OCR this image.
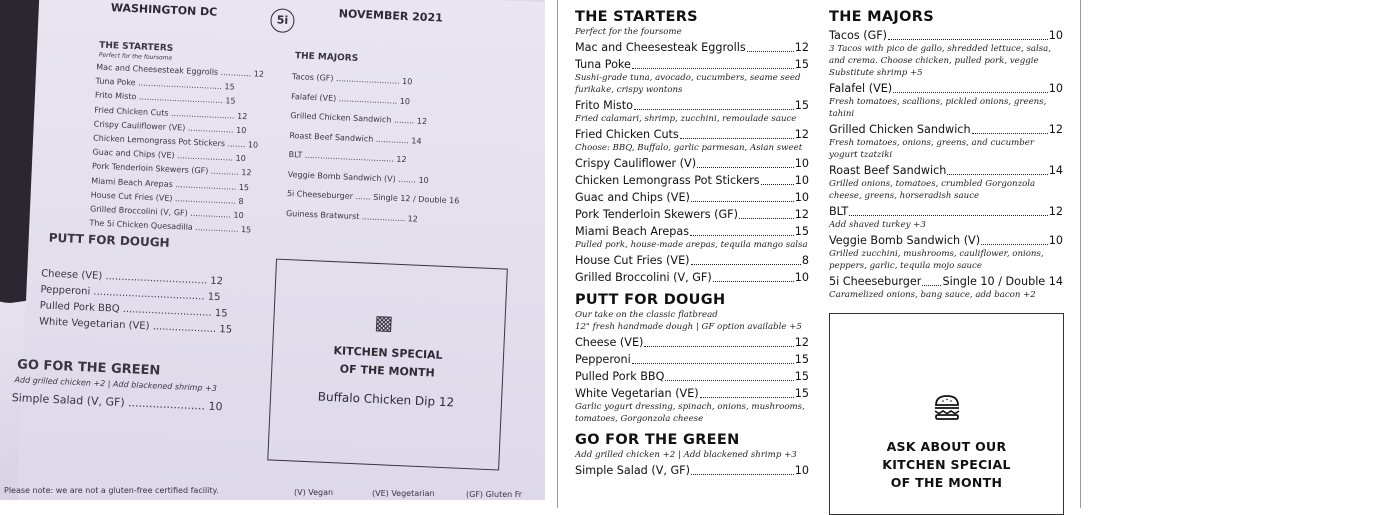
WASHINGTON DC
5i	NOVEMBER 2021
THE STARTERS
Perfect for the foursome
Mac and Cheesesteak Eggrolls ............ 12
Tuna Poke ................................. 15
Frito Misto ................................. 15
Fried Chicken Cuts ......................... 12
Crispy Cauliflower (VE) .................. 10
Chicken Lemongrass Pot Stickers ....... 10
Guac and Chips (VE) ...................... 10
Pork Tenderloin Skewers (GF) ........... 12
Miami Beach Arepas ........................ 15
House Cut Fries (VE) ........................ 8
Grilled Broccolini (V, GF) ................ 10
The 5i Chicken Quesadilla ................. 15
PUTT FOR DOUGH
Cheese (VE) ................................ 12
Pepperoni ................................... 15
Pulled Pork BBQ ............................ 15
White Vegetarian (VE) .................... 15
GO FOR THE GREEN
Add grilled chicken +2 | Add blackened shrimp +3
Simple Salad (V, GF) ...................... 10
THE MAJORS
Tacos (GF) ......................... 10
Falafel (VE) ....................... 10
Grilled Chicken Sandwich ........ 12
Roast Beef Sandwich ............. 14
BLT ................................... 12
Veggie Bomb Sandwich (V) ....... 10
5i Cheeseburger ...... Single 12 / Double 16
Guiness Bratwurst ................. 12
▩
KITCHEN SPECIAL
OF THE MONTH
Buffalo Chicken Dip 12
Please note: we are not a gluten-free certified facility.	(V) Vegan	(VE) Vegetarian	(GF) Gluten Fr
THE STARTERS
Perfect for the foursome
Mac and Cheesesteak Eggrolls	12
Tuna Poke	15
Sushi-grade tuna, avocado, cucumbers, seame seed furikake, crispy wontons
Frito Misto	15
Fried calamari, shrimp, zucchini, remoulade sauce
Fried Chicken Cuts	12
Choose: BBQ, Buffalo, garlic parmesan, Asian sweet
Crispy Cauliflower (V)	10
Chicken Lemongrass Pot Stickers	10
Guac and Chips (VE)	10
Pork Tenderloin Skewers (GF)	12
Miami Beach Arepas	15
Pulled pork, house-made arepas, tequila mango salsa
House Cut Fries (VE)	8
Grilled Broccolini (V, GF)	10
PUTT FOR DOUGH
Our take on the classic flatbread
12" fresh handmade dough | GF option available +5
Cheese (VE)	12
Pepperoni	15
Pulled Pork BBQ	15
White Vegetarian (VE)	15
Garlic yogurt dressing, spinach, onions, mushrooms, tomatoes, Gorgonzola cheese
GO FOR THE GREEN
Add grilled chicken +2 | Add blackened shrimp +3
Simple Salad (V, GF)	10
THE MAJORS
Tacos (GF)	10
3 Tacos with pico de gallo, shredded lettuce, salsa, and crema. Choose chicken, pulled pork, veggie Substitute shrimp +5
Falafel (VE)	10
Fresh tomatoes, scallions, pickled onions, greens, tahini
Grilled Chicken Sandwich	12
Fresh tomatoes, onions, greens, and cucumber yogurt tzatziki
Roast Beef Sandwich	14
Grilled onions, tomatoes, crumbled Gorgonzola cheese, greens, horseradish sauce
BLT	12
Add shaved turkey +3
Veggie Bomb Sandwich (V)	10
Grilled zucchini, mushrooms, cauliflower, onions, peppers, garlic, tequila mojo sauce
5i Cheeseburger Single 10 / Double 14
Caramelized onions, bang sauce, add bacon +2
ASK ABOUT OUR
KITCHEN SPECIAL
OF THE MONTH
